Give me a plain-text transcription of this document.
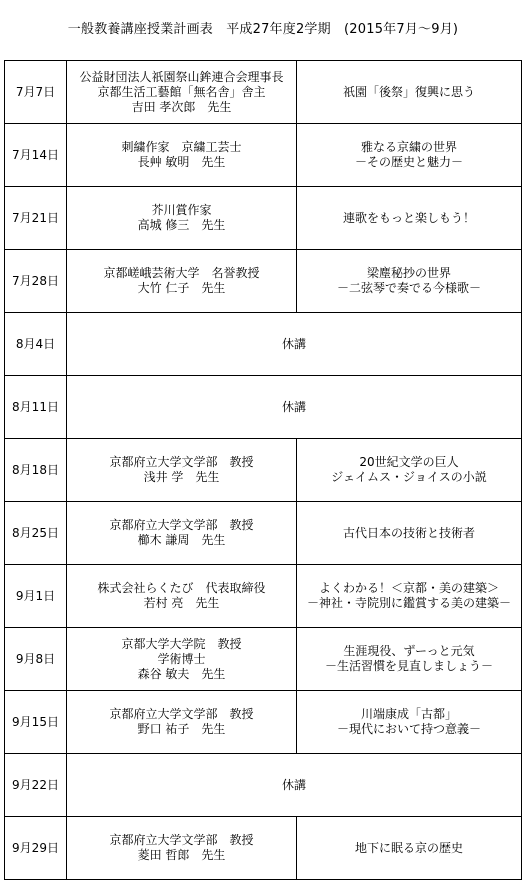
一般教養講座授業計画表　平成27年度2学期　(2015年7月～9月)
7月7日	公益財団法人祇園祭山鉾連合会理事長
京都生活工藝館「無名舎」舎主
吉田 孝次郎　先生	祇園「後祭」復興に思う

7月14日	刺繍作家　京繍工芸士
長艸 敏明　先生	雅なる京繍の世界
－その歴史と魅力－

7月21日	芥川賞作家
高城 修三　先生	連歌をもっと楽しもう！

7月28日	京都嵯峨芸術大学　名誉教授
大竹 仁子　先生	梁塵秘抄の世界
－二弦琴で奏でる今様歌－

8月4日	休講	
8月11日	休講	
8月18日	京都府立大学文学部　教授
浅井 学　先生	20世紀文学の巨人
ジェイムス・ジョイスの小説

8月25日	京都府立大学文学部　教授
櫛木 謙周　先生	古代日本の技術と技術者

9月1日	株式会社らくたび　代表取締役
若村 亮　先生	よくわかる！＜京都・美の建築＞
－神社・寺院別に鑑賞する美の建築－

9月8日	京都大学大学院　教授
学術博士
森谷 敏夫　先生	生涯現役、ずーっと元気
－生活習慣を見直しましょう－

9月15日	京都府立大学文学部　教授
野口 祐子　先生	川端康成「古都」
－現代において持つ意義－

9月22日	休講	
9月29日	京都府立大学文学部　教授
菱田 哲郎　先生	地下に眠る京の歴史
